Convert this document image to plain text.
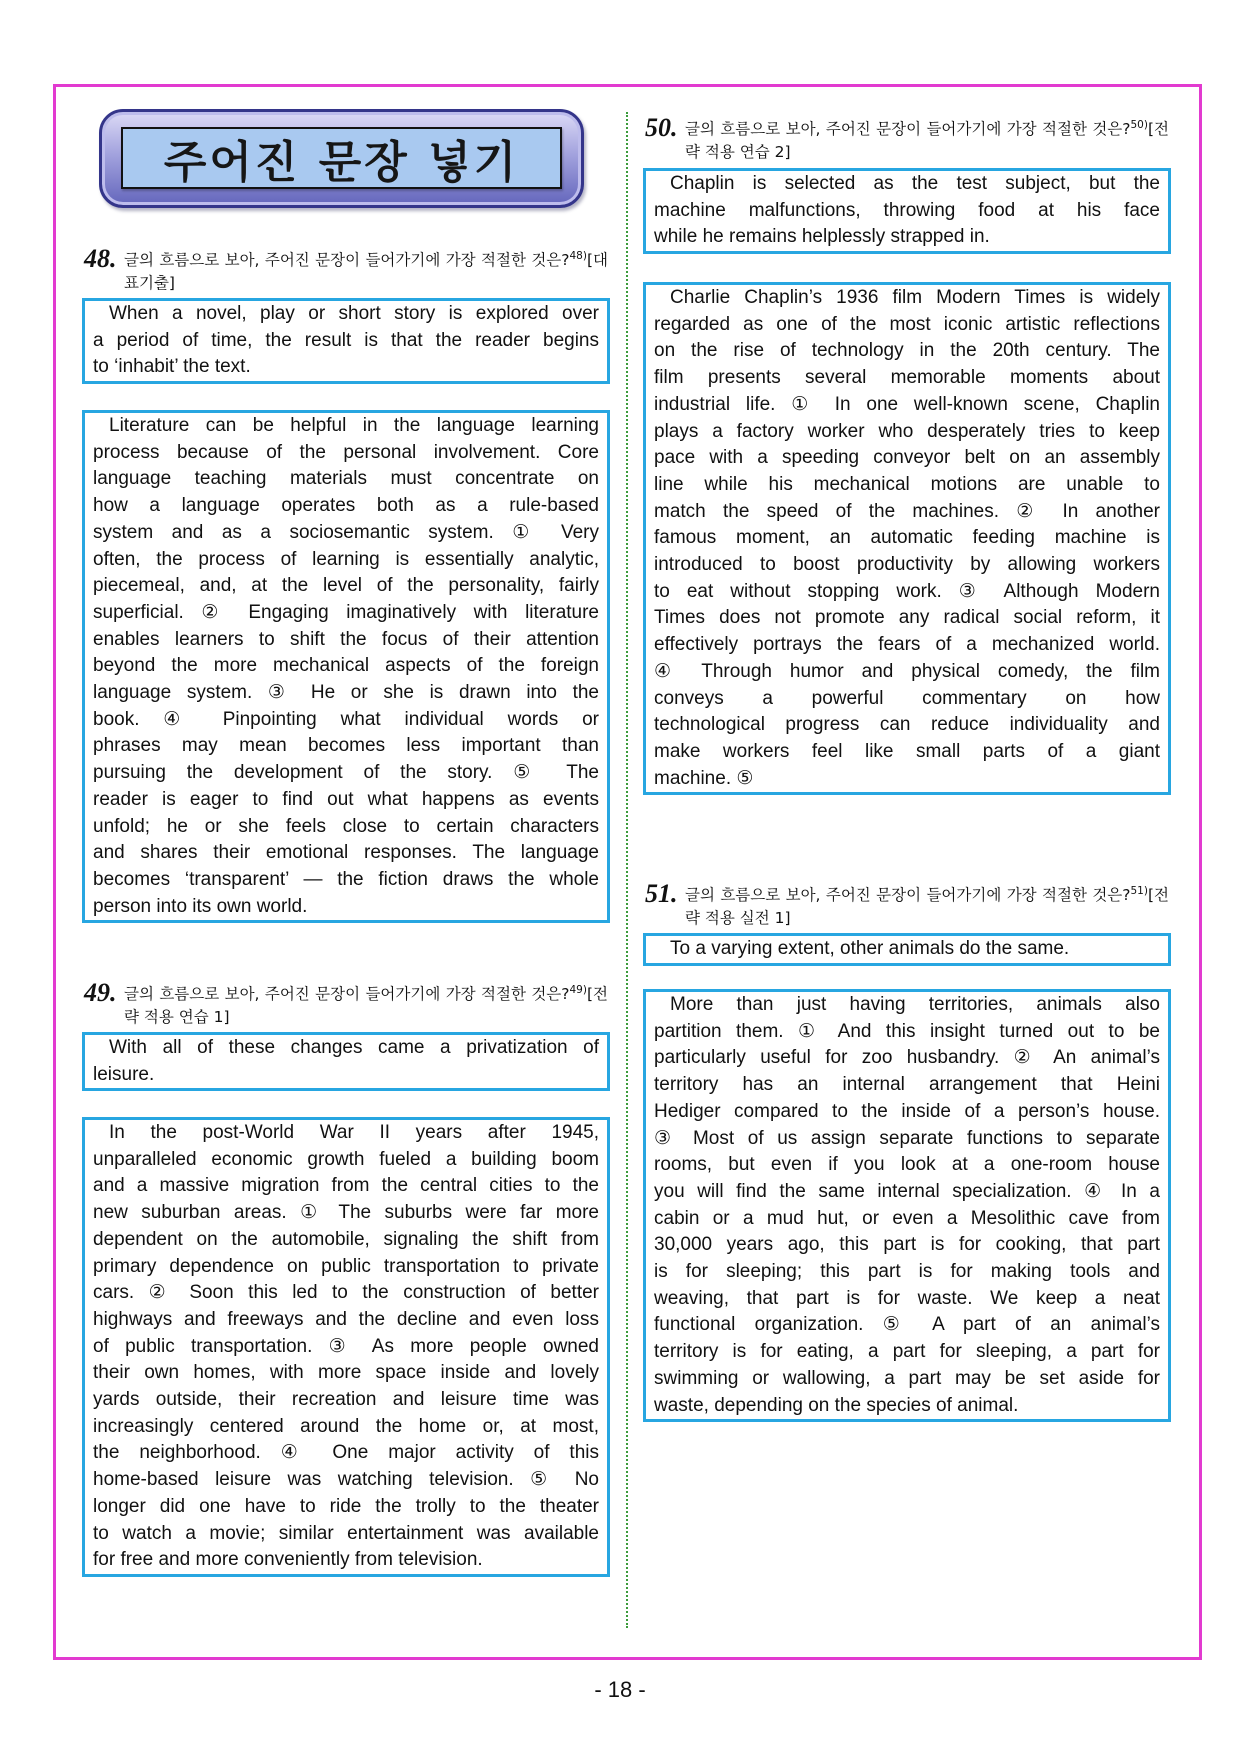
주어진 문장 넣기
48. 글의 흐름으로 보아, 주어진 문장이 들어가기에 가장 적절한 것은?$^{48)}$[대표기출]
When a novel, play or short story is explored over
a period of time, the result is that the reader begins
to ‘inhabit’ the text.
Literature can be helpful in the language learning
process because of the personal involvement. Core
language teaching materials must concentrate on
how a language operates both as a rule-based
system and as a sociosemantic system. ① Very
often, the process of learning is essentially analytic,
piecemeal, and, at the level of the personality, fairly
superficial. ② Engaging imaginatively with literature
enables learners to shift the focus of their attention
beyond the more mechanical aspects of the foreign
language system. ③ He or she is drawn into the
book. ④ Pinpointing what individual words or
phrases may mean becomes less important than
pursuing the development of the story. ⑤ The
reader is eager to find out what happens as events
unfold; he or she feels close to certain characters
and shares their emotional responses. The language
becomes ‘transparent’ — the fiction draws the whole
person into its own world.
49. 글의 흐름으로 보아, 주어진 문장이 들어가기에 가장 적절한 것은?$^{49)}$[전략 적용 연습 1]
With all of these changes came a privatization of
leisure.
In the post-World War II years after 1945,
unparalleled economic growth fueled a building boom
and a massive migration from the central cities to the
new suburban areas. ① The suburbs were far more
dependent on the automobile, signaling the shift from
primary dependence on public transportation to private
cars. ② Soon this led to the construction of better
highways and freeways and the decline and even loss
of public transportation. ③ As more people owned
their own homes, with more space inside and lovely
yards outside, their recreation and leisure time was
increasingly centered around the home or, at most,
the neighborhood. ④ One major activity of this
home-based leisure was watching television. ⑤ No
longer did one have to ride the trolly to the theater
to watch a movie; similar entertainment was available
for free and more conveniently from television.
50. 글의 흐름으로 보아, 주어진 문장이 들어가기에 가장 적절한 것은?$^{50)}$[전략 적용 연습 2]
Chaplin is selected as the test subject, but the
machine malfunctions, throwing food at his face
while he remains helplessly strapped in.
Charlie Chaplin’s 1936 film Modern Times is widely
regarded as one of the most iconic artistic reflections
on the rise of technology in the 20th century. The
film presents several memorable moments about
industrial life. ① In one well-known scene, Chaplin
plays a factory worker who desperately tries to keep
pace with a speeding conveyor belt on an assembly
line while his mechanical motions are unable to
match the speed of the machines. ② In another
famous moment, an automatic feeding machine is
introduced to boost productivity by allowing workers
to eat without stopping work. ③ Although Modern
Times does not promote any radical social reform, it
effectively portrays the fears of a mechanized world.
④ Through humor and physical comedy, the film
conveys a powerful commentary on how
technological progress can reduce individuality and
make workers feel like small parts of a giant
machine. ⑤
51. 글의 흐름으로 보아, 주어진 문장이 들어가기에 가장 적절한 것은?$^{51)}$[전략 적용 실전 1]
To a varying extent, other animals do the same.
More than just having territories, animals also
partition them. ① And this insight turned out to be
particularly useful for zoo husbandry. ② An animal’s
territory has an internal arrangement that Heini
Hediger compared to the inside of a person’s house.
③ Most of us assign separate functions to separate
rooms, but even if you look at a one-room house
you will find the same internal specialization. ④ In a
cabin or a mud hut, or even a Mesolithic cave from
30,000 years ago, this part is for cooking, that part
is for sleeping; this part is for making tools and
weaving, that part is for waste. We keep a neat
functional organization. ⑤ A part of an animal’s
territory is for eating, a part for sleeping, a part for
swimming or wallowing, a part may be set aside for
waste, depending on the species of animal.
- 18 -
